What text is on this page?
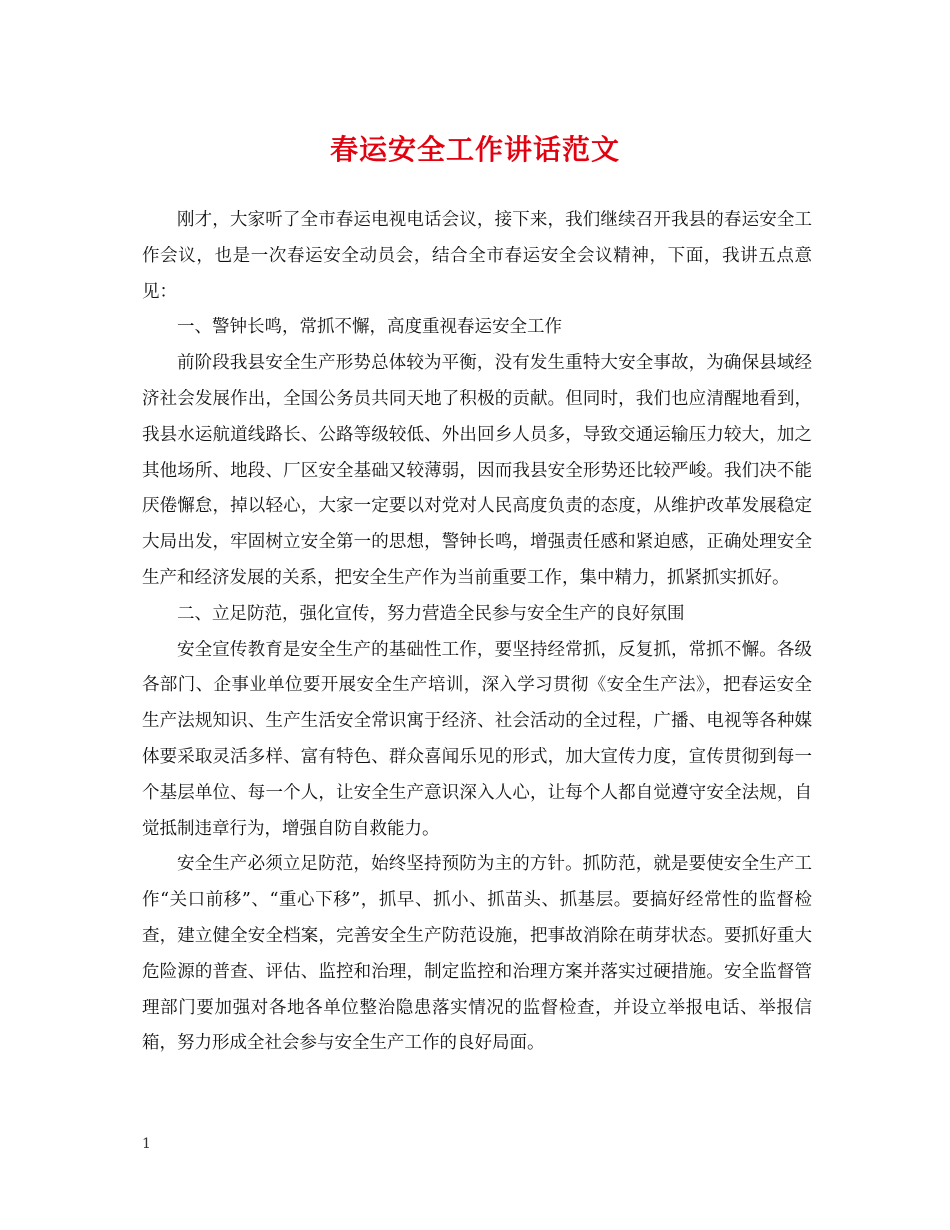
春运安全工作讲话范文

刚才，大家听了全市春运电视电话会议，接下来，我们继续召开我县的春运安全工作会议，也是一次春运安全动员会，结合全市春运安全会议精神，下面，我讲五点意见：

一、警钟长鸣，常抓不懈，高度重视春运安全工作

前阶段我县安全生产形势总体较为平衡，没有发生重特大安全事故，为确保县域经济社会发展作出，全国公务员共同天地了积极的贡献。但同时，我们也应清醒地看到，我县水运航道线路长、公路等级较低、外出回乡人员多，导致交通运输压力较大，加之其他场所、地段、厂区安全基础又较薄弱，因而我县安全形势还比较严峻。我们决不能厌倦懈怠，掉以轻心，大家一定要以对党对人民高度负责的态度，从维护改革发展稳定大局出发，牢固树立安全第一的思想，警钟长鸣，增强责任感和紧迫感，正确处理安全生产和经济发展的关系，把安全生产作为当前重要工作，集中精力，抓紧抓实抓好。

二、立足防范，强化宣传，努力营造全民参与安全生产的良好氛围

安全宣传教育是安全生产的基础性工作，要坚持经常抓，反复抓，常抓不懈。各级各部门、企事业单位要开展安全生产培训，深入学习贯彻《安全生产法》，把春运安全生产法规知识、生产生活安全常识寓于经济、社会活动的全过程，广播、电视等各种媒体要采取灵活多样、富有特色、群众喜闻乐见的形式，加大宣传力度，宣传贯彻到每一个基层单位、每一个人，让安全生产意识深入人心，让每个人都自觉遵守安全法规，自觉抵制违章行为，增强自防自救能力。

安全生产必须立足防范，始终坚持预防为主的方针。抓防范，就是要使安全生产工作“关口前移”、“重心下移”，抓早、抓小、抓苗头、抓基层。要搞好经常性的监督检查，建立健全安全档案，完善安全生产防范设施，把事故消除在萌芽状态。要抓好重大危险源的普查、评估、监控和治理，制定监控和治理方案并落实过硬措施。安全监督管理部门要加强对各地各单位整治隐患落实情况的监督检查，并设立举报电话、举报信箱，努力形成全社会参与安全生产工作的良好局面。

1
